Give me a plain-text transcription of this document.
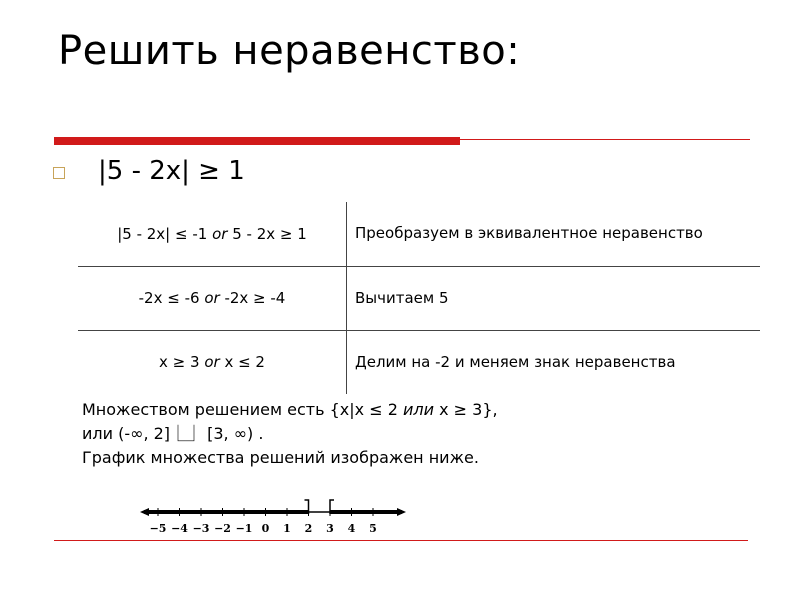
Решить неравенство:
|5 - 2x| ≥ 1
|5 - 2x| ≤ -1 or 5 - 2x ≥ 1	Преобразуем в эквивалентное неравенство
-2x ≤ -6 or -2x ≥ -4	Вычитаем 5
x ≥ 3 or x ≤ 2	Делим на -2 и меняем знак неравенства
Множеством решением есть {x|x ≤ 2 или x ≥ 3},
или (-∞, 2]⎿⏌ [3, ∞) .
График множества решений изображен ниже.
−5 −4 −3 −2 −1 0 1 2 3 4 5
